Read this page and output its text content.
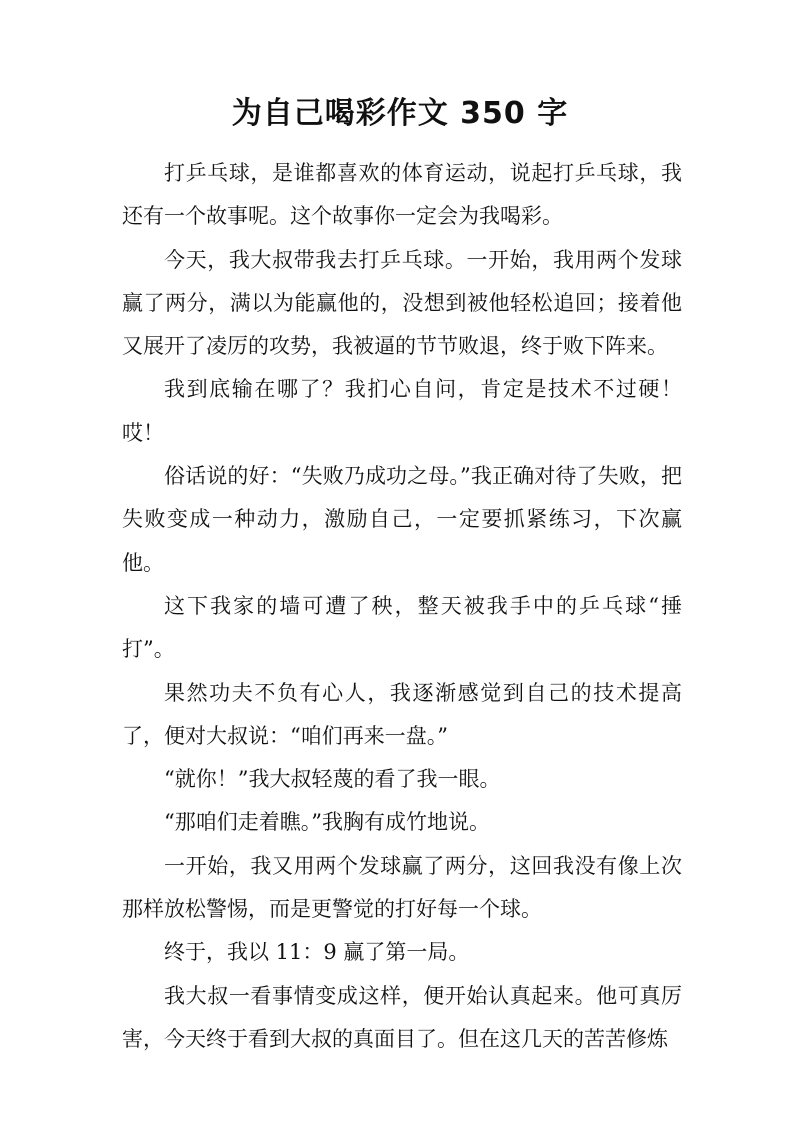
为自己喝彩作文 350 字

打乒乓球，是谁都喜欢的体育运动，说起打乒乓球，我还有一个故事呢。这个故事你一定会为我喝彩。

今天，我大叔带我去打乒乓球。一开始，我用两个发球赢了两分，满以为能赢他的，没想到被他轻松追回；接着他又展开了凌厉的攻势，我被逼的节节败退，终于败下阵来。

我到底输在哪了？我扪心自问，肯定是技术不过硬！哎！

俗话说的好：“失败乃成功之母。”我正确对待了失败，把失败变成一种动力，激励自己，一定要抓紧练习，下次赢他。

这下我家的墙可遭了秧，整天被我手中的乒乓球“捶打”。

果然功夫不负有心人，我逐渐感觉到自己的技术提高了，便对大叔说：“咱们再来一盘。”

“就你！”我大叔轻蔑的看了我一眼。

“那咱们走着瞧。”我胸有成竹地说。

一开始，我又用两个发球赢了两分，这回我没有像上次那样放松警惕，而是更警觉的打好每一个球。

终于，我以 11：9 赢了第一局。

我大叔一看事情变成这样，便开始认真起来。他可真厉害，今天终于看到大叔的真面目了。但在这几天的苦苦修炼
